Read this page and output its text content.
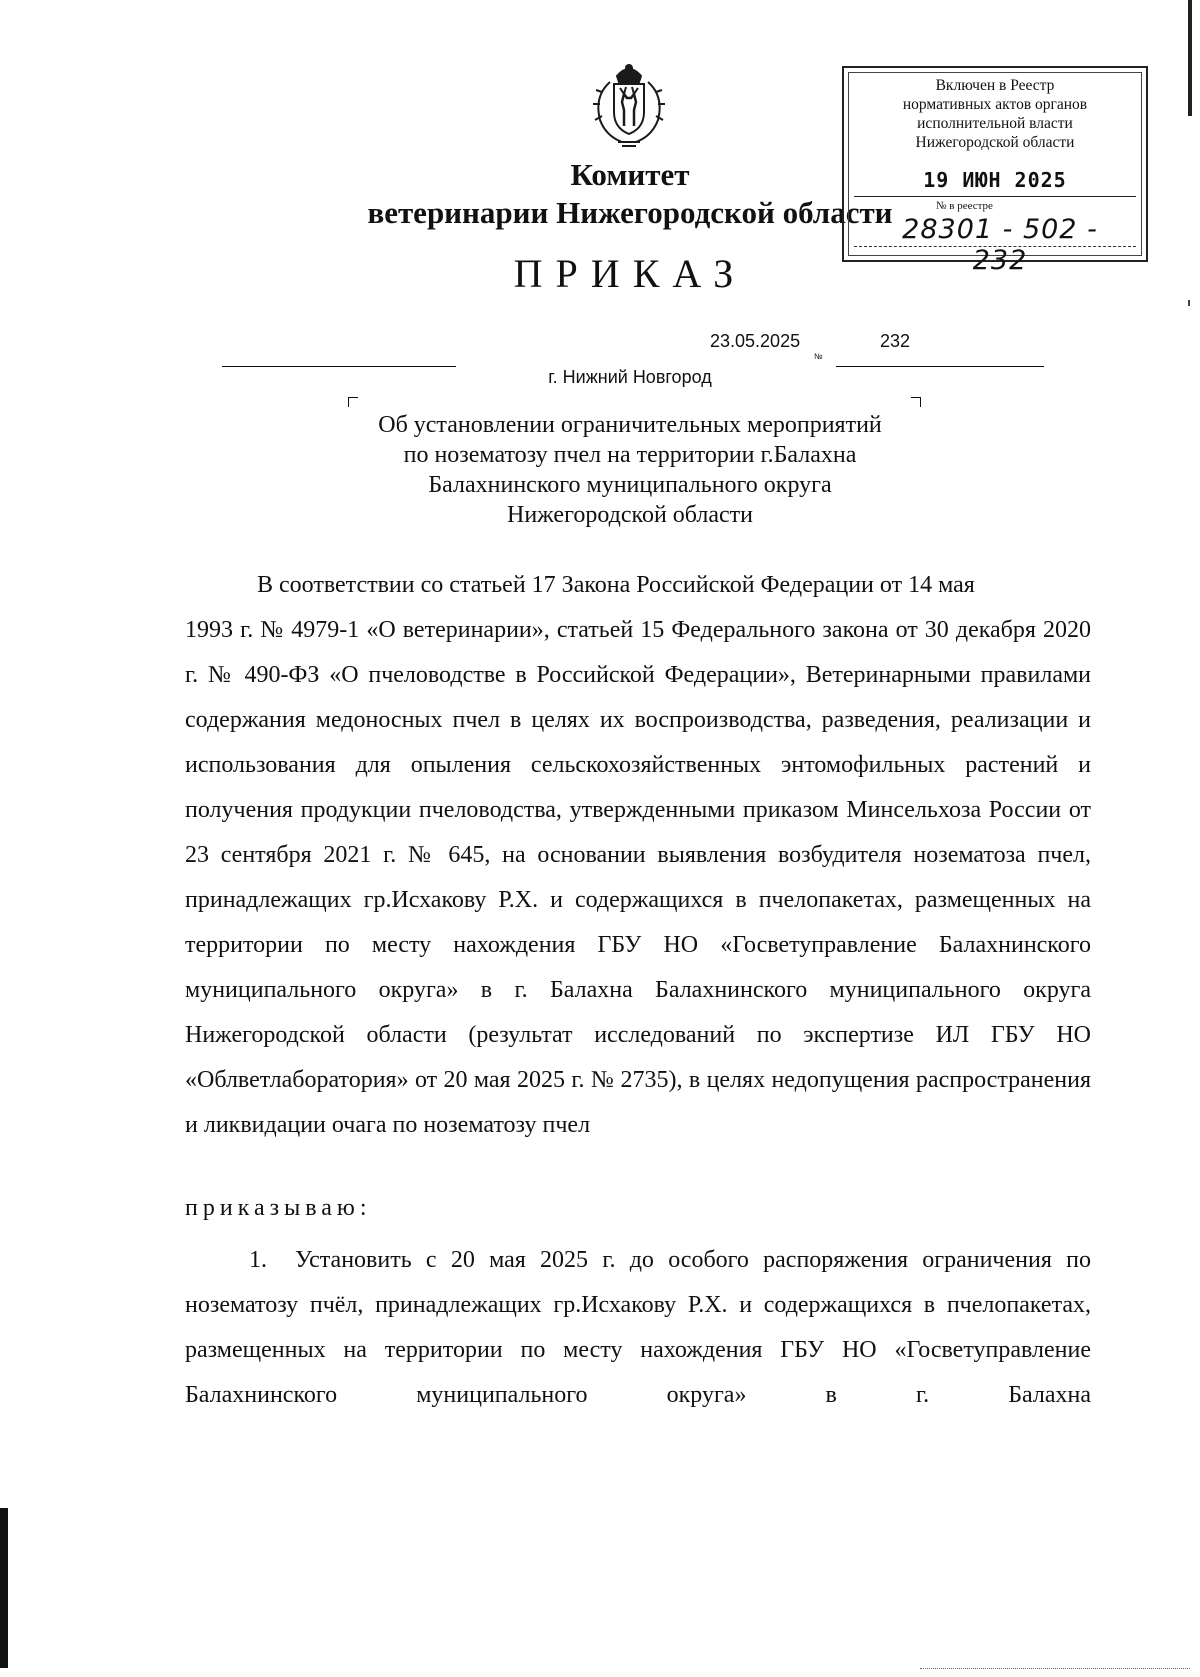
Комитет
ветеринарии Нижегородской области
ПРИКАЗ
Включен в Реестр
нормативных актов органов
исполнительной власти
Нижегородской области
19 ИЮН 2025
№ в реестре
28301 - 502 - 232
23.05.2025
№
232
г. Нижний Новгород
Об установлении ограничительных мероприятий
по нозематозу пчел на территории г.Балахна
Балахнинского муниципального округа
Нижегородской области
В соответствии со статьей 17 Закона Российской Федерации от 14 мая
1993 г. № 4979-1 «О ветеринарии», статьей 15 Федерального закона от 30 декабря 2020 г. № 490-ФЗ «О пчеловодстве в Российской Федерации», Ветеринарными правилами содержания медоносных пчел в целях их воспроизводства, разведения, реализации и использования для опыления сельскохозяйственных энтомофильных растений и получения продукции пчеловодства, утвержденными приказом Минсельхоза России от 23 сентября 2021 г. № 645, на основании выявления возбудителя нозематоза пчел, принадлежащих гр.Исхакову Р.Х. и содержащихся в пчелопакетах, размещенных на территории по месту нахождения ГБУ НО «Госветуправление Балахнинского муниципального округа» в г. Балахна Балахнинского муниципального округа Нижегородской области (результат исследований по экспертизе ИЛ ГБУ НО «Облветлаборатория» от 20 мая 2025 г. № 2735), в целях недопущения распространения и ликвидации очага по нозематозу пчел
приказываю:
1. Установить с 20 мая 2025 г. до особого распоряжения ограничения по нозематозу пчёл, принадлежащих гр.Исхакову Р.Х. и содержащихся в пчелопакетах, размещенных на территории по месту нахождения ГБУ НО «Госветуправление Балахнинского муниципального округа» в г. Балахна
